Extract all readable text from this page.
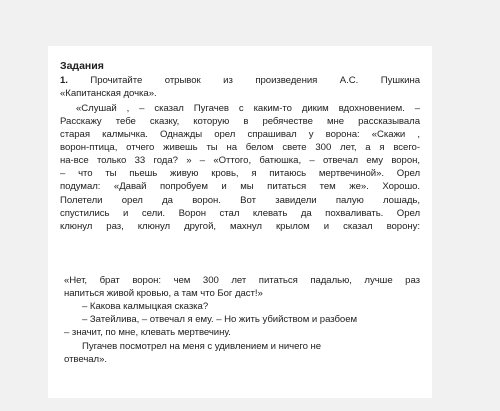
Задания
1. Прочитайте отрывок из произведения А.С. Пушкина
«Капитанская дочка».
«Слушай , – сказал Пугачев с каким-то диким вдохновением. –
Расскажу тебе сказку, которую в ребячестве мне рассказывала
старая калмычка. Однажды орел спрашивал у ворона: «Скажи ,
ворон-птица, отчего живешь ты на белом свете 300 лет, а я всего-
на-все только 33 года? » – «Оттого, батюшка, – отвечал ему ворон,
– что ты пьешь живую кровь, я питаюсь мертвечиной». Орел
подумал: «Давай попробуем и мы питаться тем же». Хорошо.
Полетели орел да ворон. Вот завидели палую лошадь,
спустились и сели. Ворон стал клевать да похваливать. Орел
клюнул раз, клюнул другой, махнул крылом и сказал ворону:
«Нет, брат ворон: чем 300 лет питаться падалью, лучше раз
напиться живой кровью, а там что Бог даст!»
– Какова калмыцкая сказка?
– Затейлива, – отвечал я ему. – Но жить убийством и разбоем
– значит, по мне, клевать мертвечину.
Пугачев посмотрел на меня с удивлением и ничего не
отвечал».
